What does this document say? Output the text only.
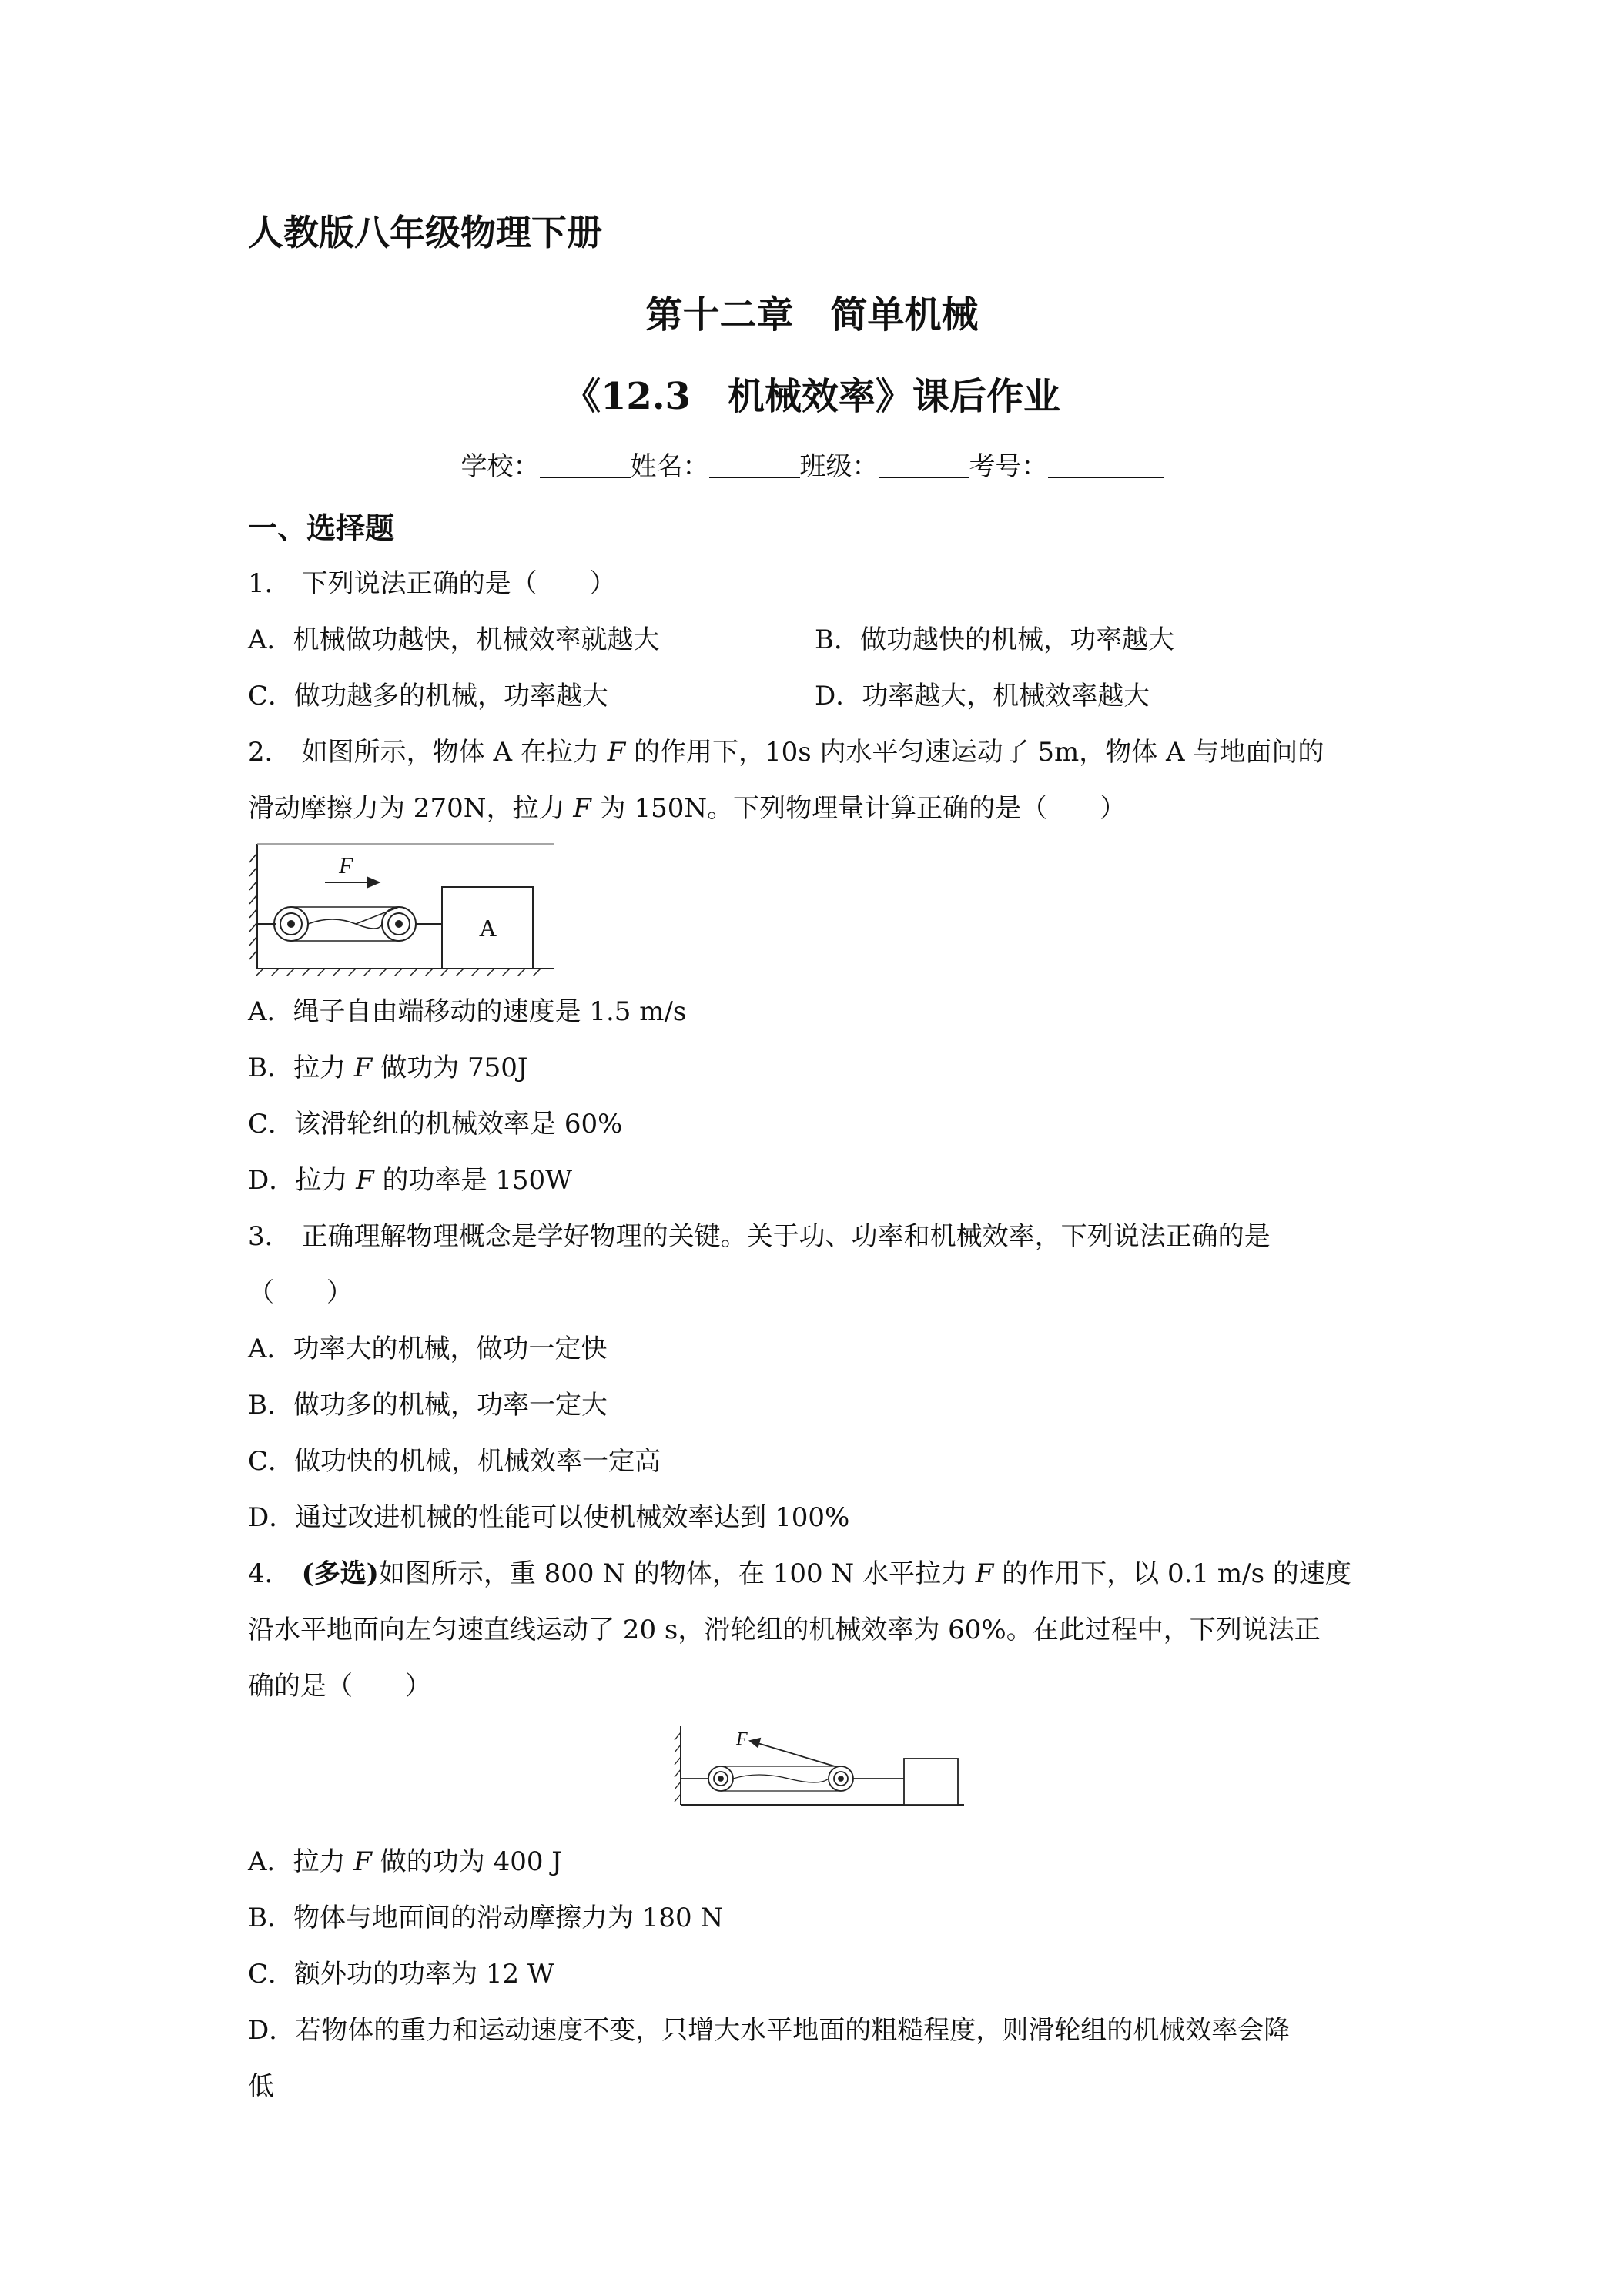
人教版八年级物理下册
第十二章　简单机械
《12.3　机械效率》课后作业
学校：	姓名：	班级：	考号：
一、选择题
1． 下列说法正确的是（　　）
A．机械做功越快，机械效率就越大	B．做功越快的机械，功率越大
C．做功越多的机械，功率越大	D．功率越大，机械效率越大
2． 如图所示，物体 A 在拉力 F 的作用下，10s 内水平匀速运动了 5m，物体 A 与地面间的
滑动摩擦力为 270N，拉力 F 为 150N。下列物理量计算正确的是（　　）
F
A
A．绳子自由端移动的速度是 1.5 m/s
B．拉力 F 做功为 750J
C．该滑轮组的机械效率是 60%
D．拉力 F 的功率是 150W
3． 正确理解物理概念是学好物理的关键。关于功、功率和机械效率，下列说法正确的是
（　　）
A．功率大的机械，做功一定快
B．做功多的机械，功率一定大
C．做功快的机械，机械效率一定高
D．通过改进机械的性能可以使机械效率达到 100%
4． (多选)如图所示，重 800 N 的物体，在 100 N 水平拉力 F 的作用下，以 0.1 m/s 的速度
沿水平地面向左匀速直线运动了 20 s，滑轮组的机械效率为 60%。在此过程中，下列说法正
确的是（　　）
F
A．拉力 F 做的功为 400 J
B．物体与地面间的滑动摩擦力为 180 N
C．额外功的功率为 12 W
D．若物体的重力和运动速度不变，只增大水平地面的粗糙程度，则滑轮组的机械效率会降
低
